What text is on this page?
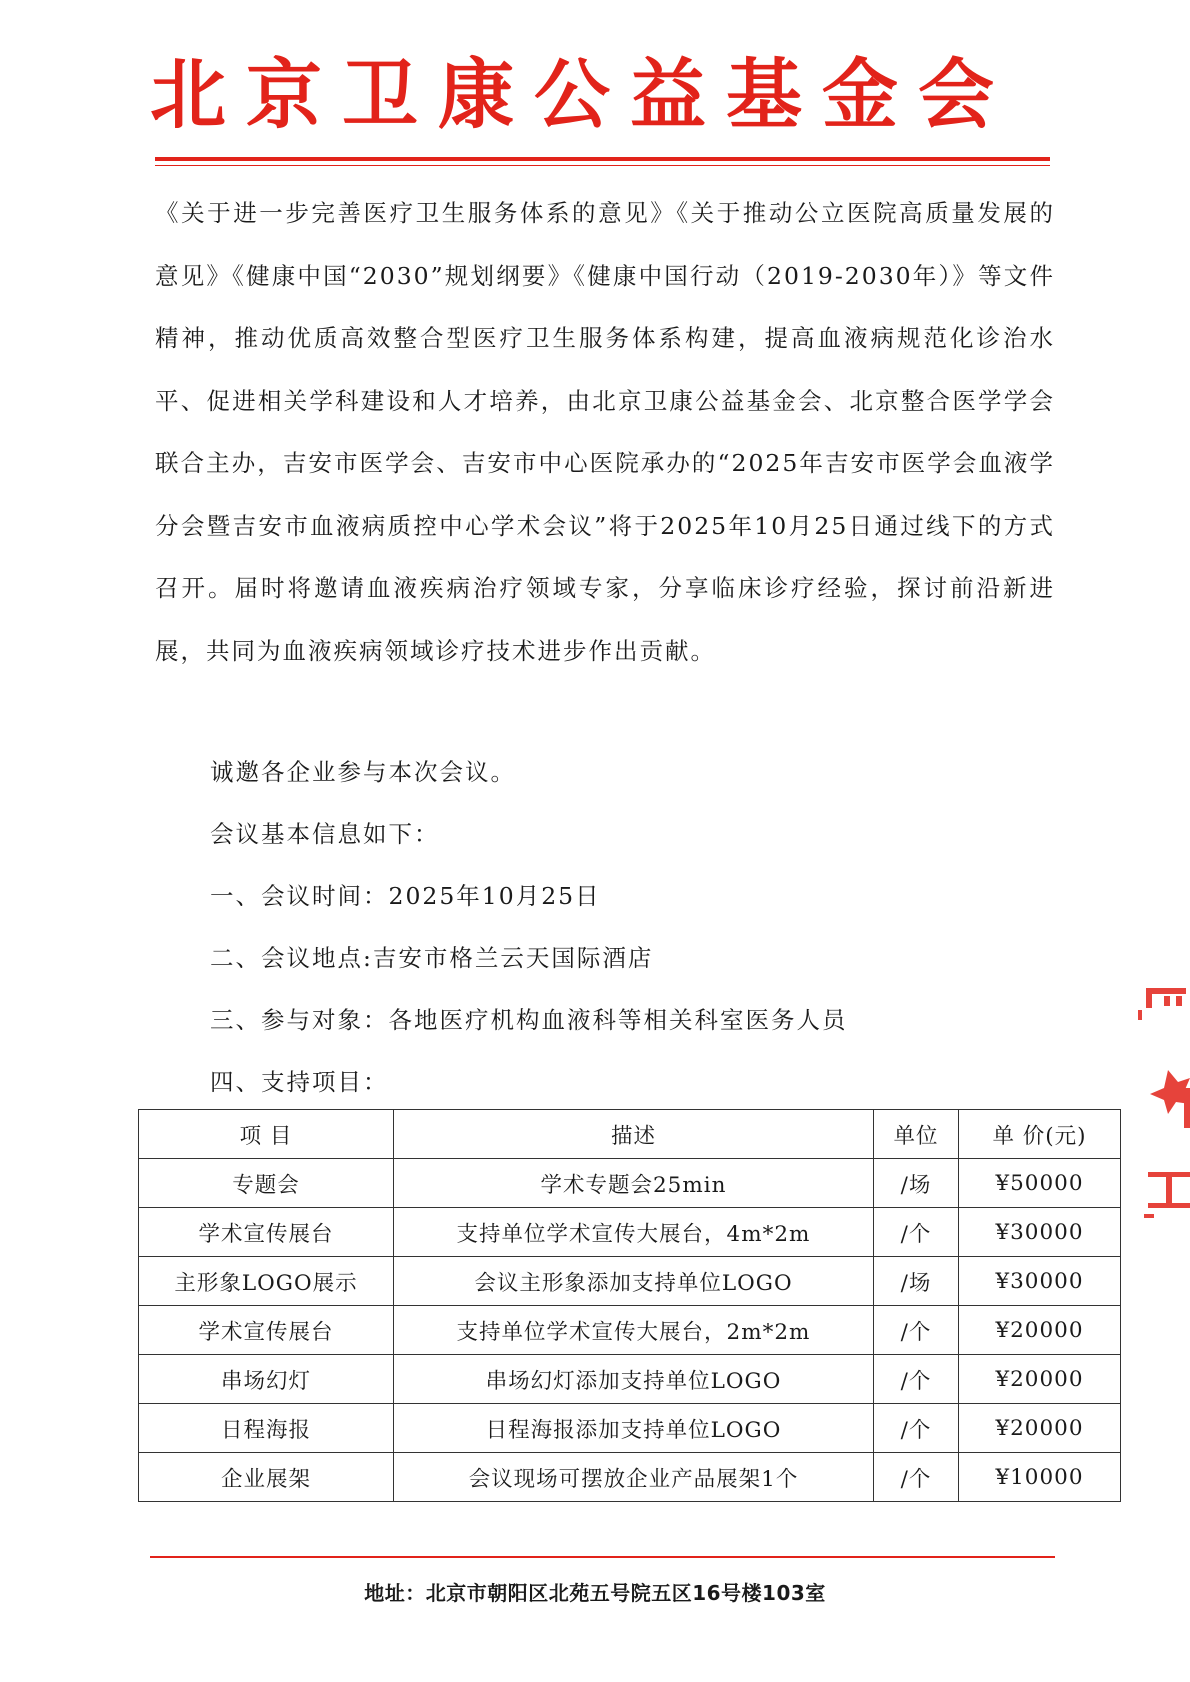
北京卫康公益基金会
《关于进一步完善医疗卫生服务体系的意见》《关于推动公立医院高质量发展的意见》《健康中国“2030”规划纲要》《健康中国行动（2019-2030年）》等文件精神，推动优质高效整合型医疗卫生服务体系构建，提高血液病规范化诊治水平、促进相关学科建设和人才培养，由北京卫康公益基金会、北京整合医学学会联合主办，吉安市医学会、吉安市中心医院承办的“2025年吉安市医学会血液学分会暨吉安市血液病质控中心学术会议”将于2025年10月25日通过线下的方式召开。届时将邀请血液疾病治疗领域专家，分享临床诊疗经验，探讨前沿新进展，共同为血液疾病领域诊疗技术进步作出贡献。
诚邀各企业参与本次会议。
会议基本信息如下：
一、会议时间：2025年10月25日
二、会议地点:吉安市格兰云天国际酒店
三、参与对象：各地医疗机构血液科等相关科室医务人员
四、支持项目：
项 目	描述	单位	单 价(元)
专题会	学术专题会25min	/场	¥50000
学术宣传展台	支持单位学术宣传大展台，4m*2m	/个	¥30000
主形象LOGO展示	会议主形象添加支持单位LOGO	/场	¥30000
学术宣传展台	支持单位学术宣传大展台，2m*2m	/个	¥20000
串场幻灯	串场幻灯添加支持单位LOGO	/个	¥20000
日程海报	日程海报添加支持单位LOGO	/个	¥20000
企业展架	会议现场可摆放企业产品展架1个	/个	¥10000
地址：北京市朝阳区北苑五号院五区16号楼103室
